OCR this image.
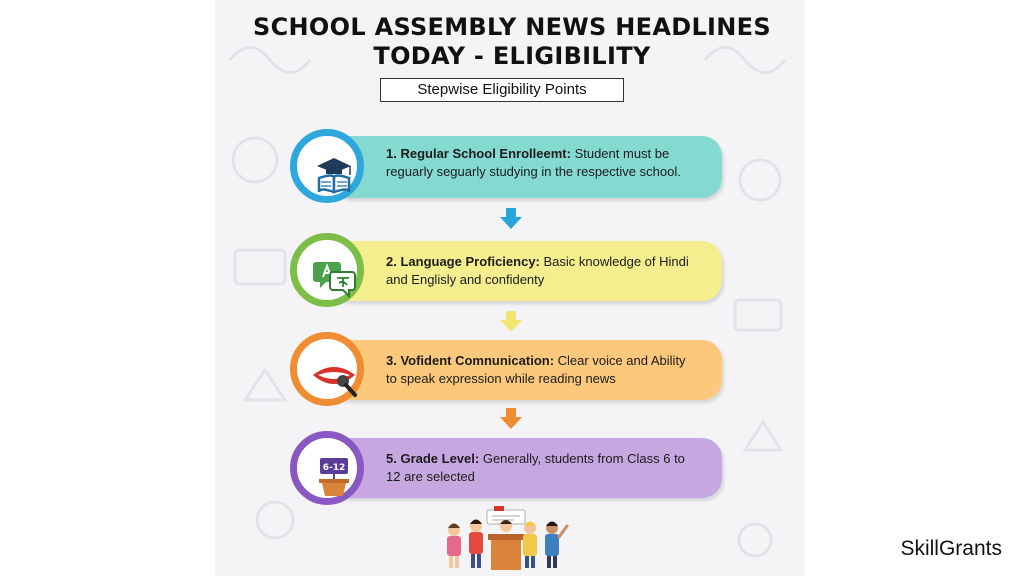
SCHOOL ASSEMBLY NEWS HEADLINES
TODAY - ELIGIBILITY
Stepwise Eligibility Points
1. Regular School Enrolleemt: Student must be reguarly seguarly studying in the respective school.
2. Language Proficiency: Basic knowledge of Hindi and Englisly and confidenty
3. Vofident Comnunication: Clear voice and Ability to speak expression while reading news
5. Grade Level: Generally, students from Class 6 to 12 are selected
6-12
SkillGrants
